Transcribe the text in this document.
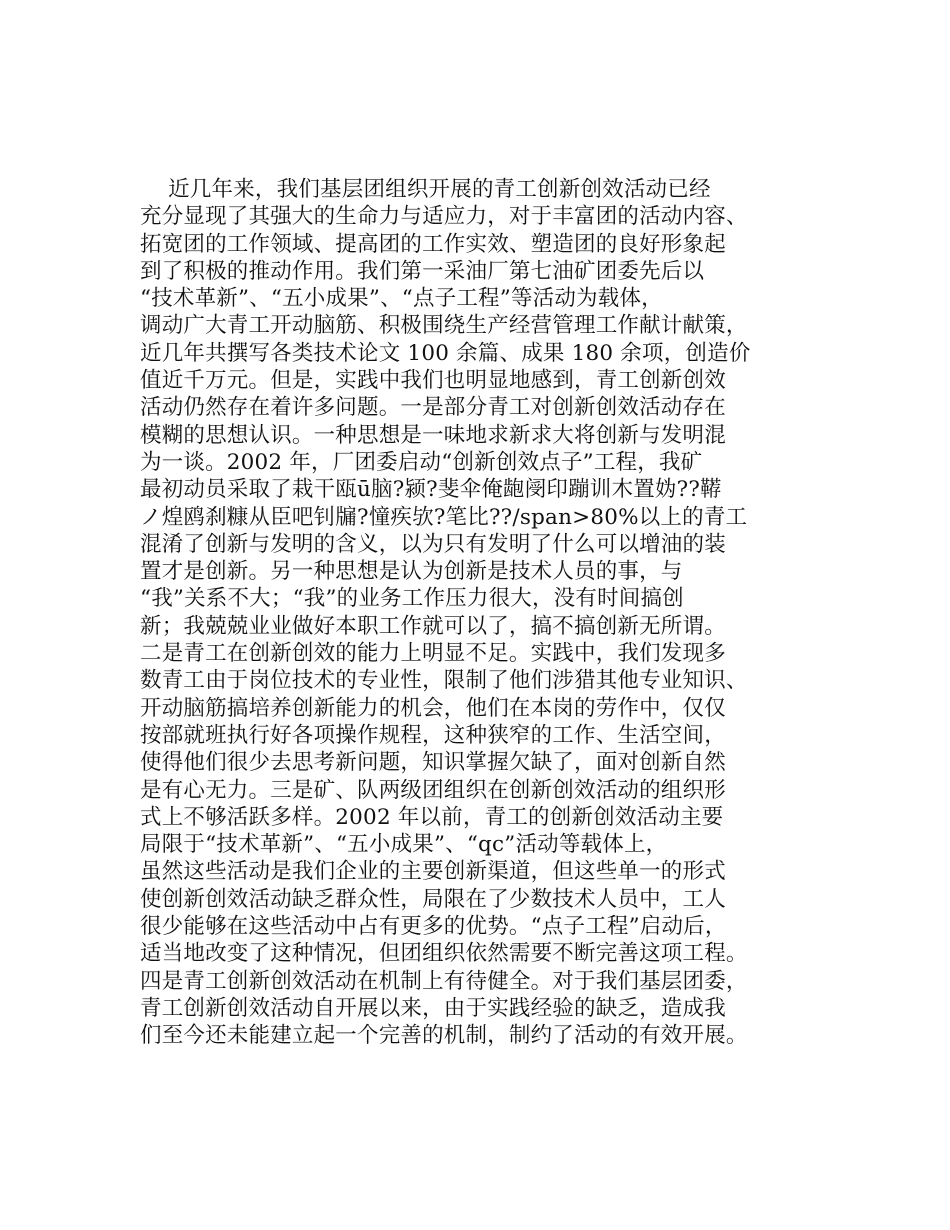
近几年来，我们基层团组织开展的青工创新创效活动已经
充分显现了其强大的生命力与适应力，对于丰富团的活动内容、
拓宽团的工作领域、提高团的工作实效、塑造团的良好形象起
到了积极的推动作用。我们第一采油厂第七油矿团委先后以
“技术革新”、“五小成果”、“点子工程”等活动为载体，
调动广大青工开动脑筋、积极围绕生产经营管理工作献计献策，
近几年共撰写各类技术论文 100 余篇、成果 180 余项，创造价
值近千万元。但是，实践中我们也明显地感到，青工创新创效
活动仍然存在着许多问题。一是部分青工对创新创效活动存在
模糊的思想认识。一种思想是一味地求新求大将创新与发明混
为一谈。2002 年，厂团委启动“创新创效点子”工程，我矿
最初动员采取了栽干瓯ū脑?颍?斐伞俺龅阌印蹦训木置妫??鞯
ノ煌鸥刹糠从臣吧钊牖?憧疾欤?笔比??/span>80%以上的青工
混淆了创新与发明的含义，以为只有发明了什么可以增油的装
置才是创新。另一种思想是认为创新是技术人员的事，与
“我”关系不大；“我”的业务工作压力很大，没有时间搞创
新；我兢兢业业做好本职工作就可以了，搞不搞创新无所谓。
二是青工在创新创效的能力上明显不足。实践中，我们发现多
数青工由于岗位技术的专业性，限制了他们涉猎其他专业知识、
开动脑筋搞培养创新能力的机会，他们在本岗的劳作中，仅仅
按部就班执行好各项操作规程，这种狭窄的工作、生活空间，
使得他们很少去思考新问题，知识掌握欠缺了，面对创新自然
是有心无力。三是矿、队两级团组织在创新创效活动的组织形
式上不够活跃多样。2002 年以前，青工的创新创效活动主要
局限于“技术革新”、“五小成果”、“qc”活动等载体上，
虽然这些活动是我们企业的主要创新渠道，但这些单一的形式
使创新创效活动缺乏群众性，局限在了少数技术人员中，工人
很少能够在这些活动中占有更多的优势。“点子工程”启动后，
适当地改变了这种情况，但团组织依然需要不断完善这项工程。
四是青工创新创效活动在机制上有待健全。对于我们基层团委，
青工创新创效活动自开展以来，由于实践经验的缺乏，造成我
们至今还未能建立起一个完善的机制，制约了活动的有效开展。
